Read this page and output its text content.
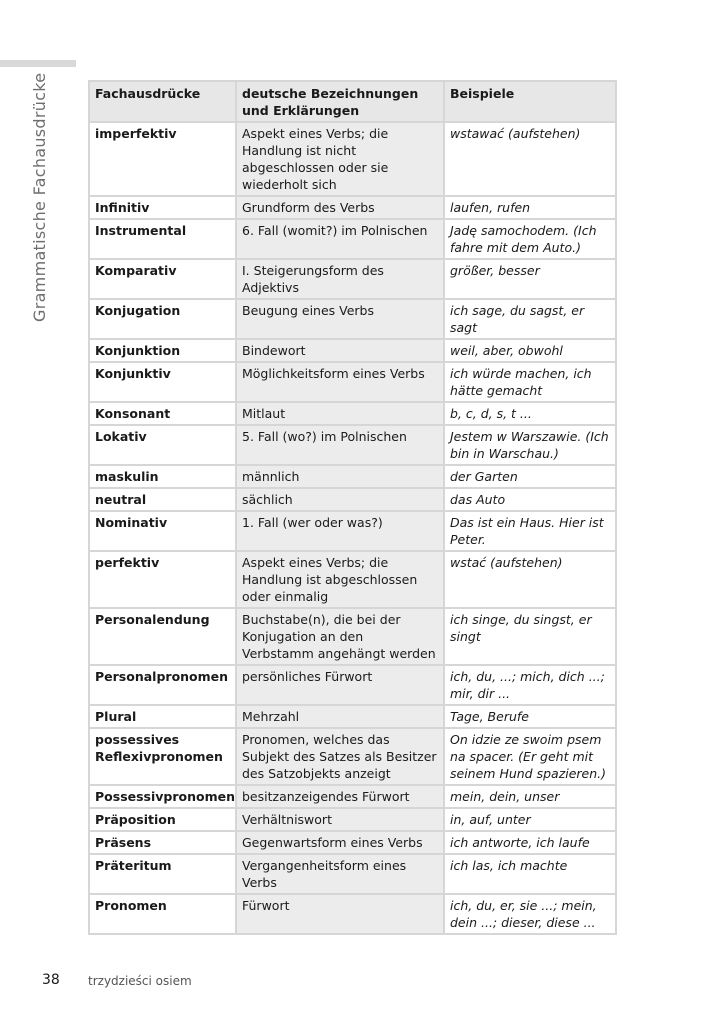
Grammatische Fachausdrücke	Fachausdrücke	deutsche Bezeichnungen und Erklärungen	Beispiele
imperfektiv	Aspekt eines Verbs; die Handlung ist nicht abgeschlossen oder sie wiederholt sich	wstawać (aufstehen)
Infinitiv	Grundform des Verbs	laufen, rufen
Instrumental	6. Fall (womit?) im Polnischen	Jadę samochodem. (Ich fahre mit dem Auto.)
Komparativ	I. Steigerungsform des Adjektivs	größer, besser
Konjugation	Beugung eines Verbs	ich sage, du sagst, er sagt
Konjunktion	Bindewort	weil, aber, obwohl
Konjunktiv	Möglichkeitsform eines Verbs	ich würde machen, ich hätte gemacht
Konsonant	Mitlaut	b, c, d, s, t ...
Lokativ	5. Fall (wo?) im Polnischen	Jestem w Warszawie. (Ich bin in Warschau.)
maskulin	männlich	der Garten
neutral	sächlich	das Auto
Nominativ	1. Fall (wer oder was?)	Das ist ein Haus. Hier ist Peter.
perfektiv	Aspekt eines Verbs; die Handlung ist abgeschlossen oder einmalig	wstać (aufstehen)
Personalendung	Buchstabe(n), die bei der Konjugation an den Verbstamm angehängt werden	ich singe, du singst, er singt
Personalpronomen	persönliches Fürwort	ich, du, ...; mich, dich ...; mir, dir ...
Plural	Mehrzahl	Tage, Berufe
possessives Reflexivpronomen	Pronomen, welches das Subjekt des Satzes als Besitzer des Satzobjekts anzeigt	On idzie ze swoim psem na spacer. (Er geht mit seinem Hund spazieren.)
Possessivpronomen	besitzanzeigendes Fürwort	mein, dein, unser
Präposition	Verhältniswort	in, auf, unter
Präsens	Gegenwartsform eines Verbs	ich antworte, ich laufe
Präteritum	Vergangenheitsform eines Verbs	ich las, ich machte
Pronomen	Fürwort	ich, du, er, sie ...; mein, dein ...; dieser, diese ...
38 trzydzieści osiem
